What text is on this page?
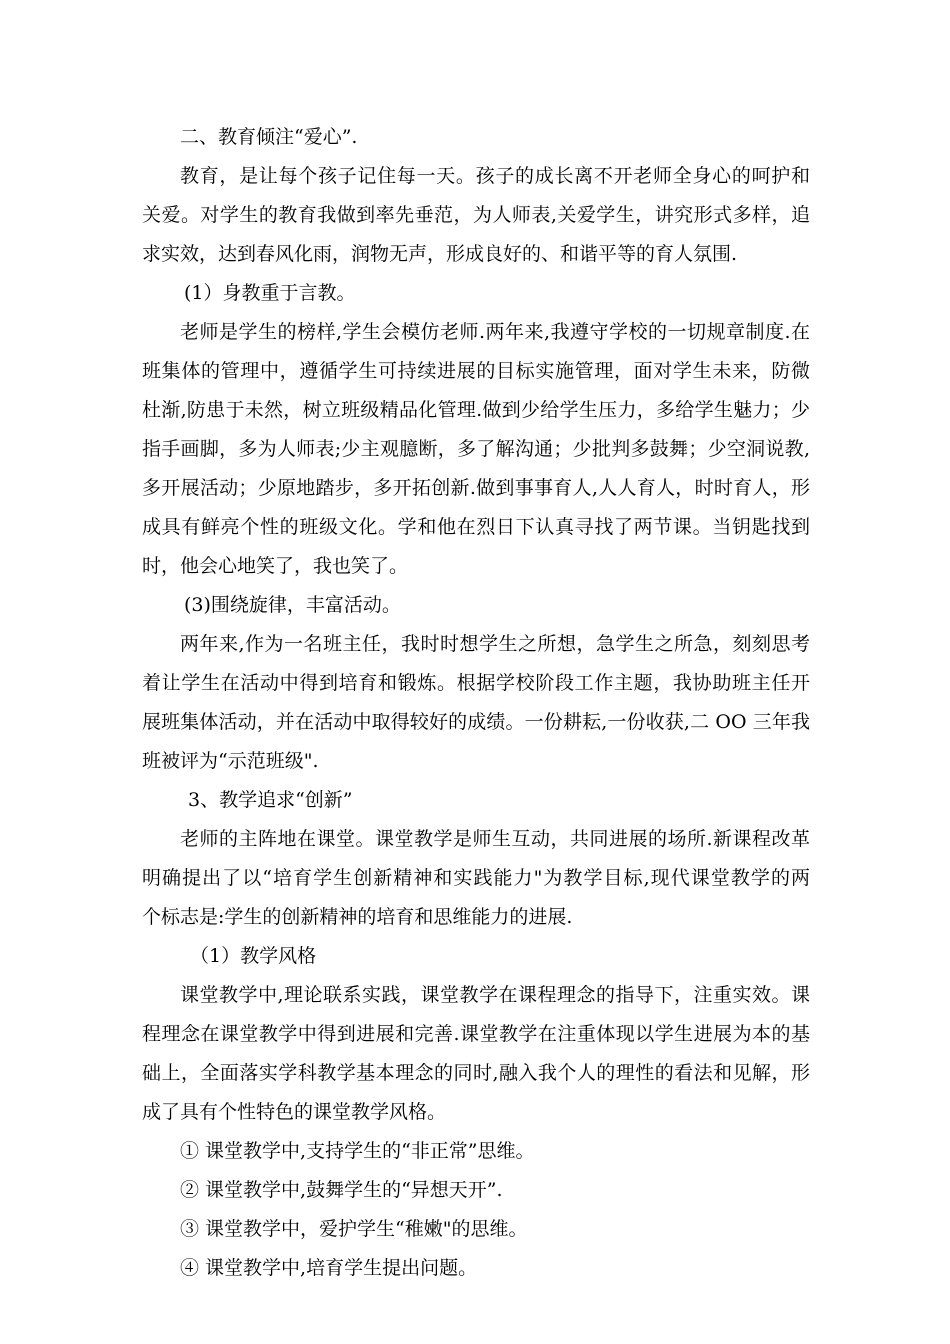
二、教育倾注“爱心”.
教育，是让每个孩子记住每一天。孩子的成长离不开老师全身心的呵护和
关爱。对学生的教育我做到率先垂范，为人师表,关爱学生，讲究形式多样，追
求实效，达到春风化雨，润物无声，形成良好的、和谐平等的育人氛围.
(1）身教重于言教。
老师是学生的榜样,学生会模仿老师.两年来,我遵守学校的一切规章制度.在
班集体的管理中，遵循学生可持续进展的目标实施管理，面对学生未来，防微
杜渐,防患于未然，树立班级精品化管理.做到少给学生压力，多给学生魅力；少
指手画脚，多为人师表;少主观臆断，多了解沟通；少批判多鼓舞；少空洞说教,
多开展活动；少原地踏步，多开拓创新.做到事事育人,人人育人，时时育人，形
成具有鲜亮个性的班级文化。学和他在烈日下认真寻找了两节课。当钥匙找到
时，他会心地笑了，我也笑了。
(3)围绕旋律，丰富活动。
两年来,作为一名班主任，我时时想学生之所想，急学生之所急，刻刻思考
着让学生在活动中得到培育和锻炼。根据学校阶段工作主题，我协助班主任开
展班集体活动，并在活动中取得较好的成绩。一份耕耘,一份收获,二 OO 三年我
班被评为“示范班级".
3、教学追求“创新”
老师的主阵地在课堂。课堂教学是师生互动，共同进展的场所.新课程改革
明确提出了以“培育学生创新精神和实践能力"为教学目标,现代课堂教学的两
个标志是:学生的创新精神的培育和思维能力的进展.
（1）教学风格
课堂教学中,理论联系实践，课堂教学在课程理念的指导下，注重实效。课
程理念在课堂教学中得到进展和完善.课堂教学在注重体现以学生进展为本的基
础上，全面落实学科教学基本理念的同时,融入我个人的理性的看法和见解，形
成了具有个性特色的课堂教学风格。
① 课堂教学中,支持学生的“非正常”思维。
② 课堂教学中,鼓舞学生的“异想天开”.
③ 课堂教学中，爱护学生“稚嫩"的思维。
④ 课堂教学中,培育学生提出问题。
